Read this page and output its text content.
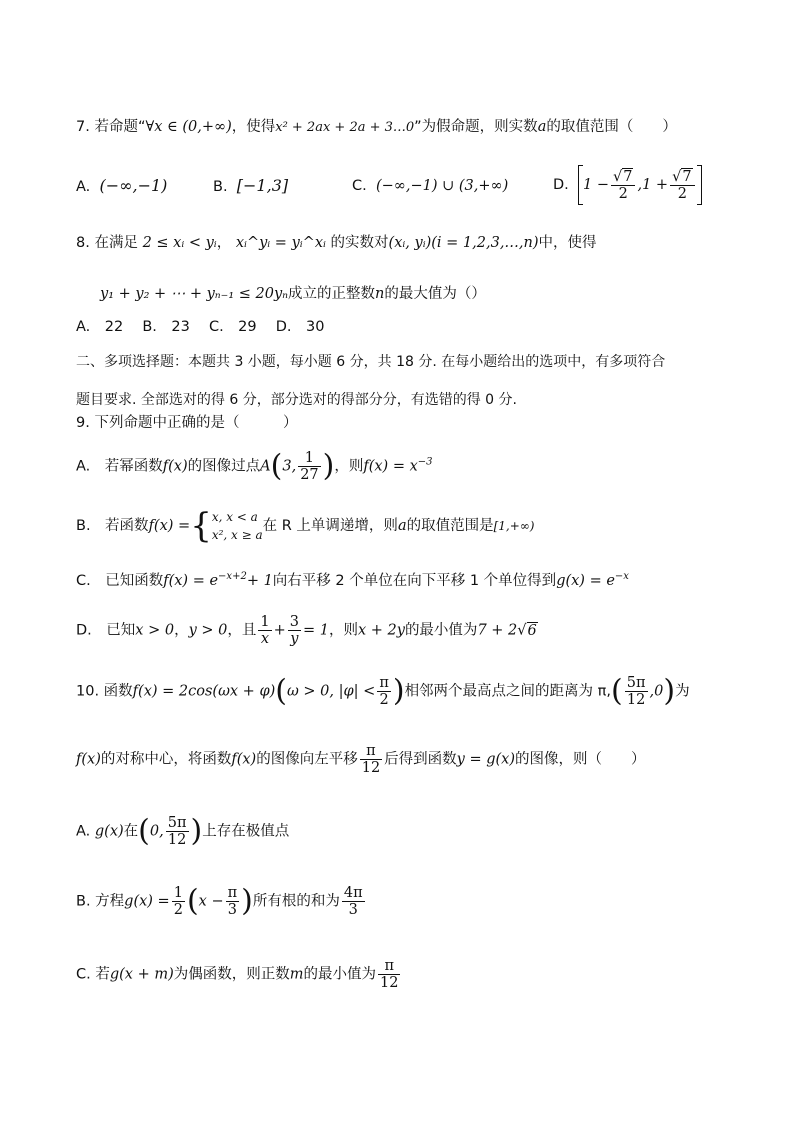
7. 若命题“∀x ∈ (0,+∞)，使得x² + 2ax + 2a + 3…0”为假命题，则实数a的取值范围（　　）
A. (−∞,−1)	B. [−1,3]	C. (−∞,−1) ∪ (3,+∞)	D. $1 - \frac{√7}{2} ,1 + \frac{√7}{2}$
8. 在满足 2 ≤ xᵢ < yᵢ， xᵢ^yᵢ = yᵢ^xᵢ 的实数对(xᵢ, yᵢ)(i = 1,2,3,…,n)中，使得
y₁ + y₂ + ⋯ + yₙ₋₁ ≤ 20yₙ成立的正整数n的最大值为（）
A.　22　 B.　23　 C.　29　 D.　30
二、多项选择题：本题共 3 小题，每小题 6 分，共 18 分. 在每小题给出的选项中，有多项符合
题目要求. 全部选对的得 6 分，部分选对的得部分分，有选错的得 0 分.
9. 下列命题中正确的是（　　　）
A.　若幂函数f(x)的图像过点A(3, $\frac{1}{27}$ )，则$f(x) = x^{-3}$
B.　若函数f(x) ={ x, x < a
x², x ≥ a
在 R 上单调递增，则a的取值范围是[1,+∞)
C.　已知函数$f(x) = e^{-x+2}+ 1$向右平移 2 个单位在向下平移 1 个单位得到$g(x) = e^{-x}$
D.　已知x > 0，y > 0，且 $\frac{1}{x} + \frac{3}{y} = 1$，则x + 2y的最小值为7 + 2√6
10. 函数f(x) = 2cos(ωx + φ)(ω > 0, $|\varphi| < \frac{\pi}{2}$ )相邻两个最高点之间的距离为 $\pi,( \frac{5\pi}{12} ,0)$为
f(x)的对称中心，将函数f(x)的图像向左平移 $\frac{\pi}{12}$ 后得到函数y = g(x)的图像，则（　　）
A. g(x)在(0, $\frac{5\pi}{12}$ )上存在极值点
B. 方程$g(x) = \frac{1}{2} (x - \frac{\pi}{3}$ )所有根的和为 $\frac{4\pi}{3}$
C. 若g(x + m)为偶函数，则正数m的最小值为 $\frac{\pi}{12}$
